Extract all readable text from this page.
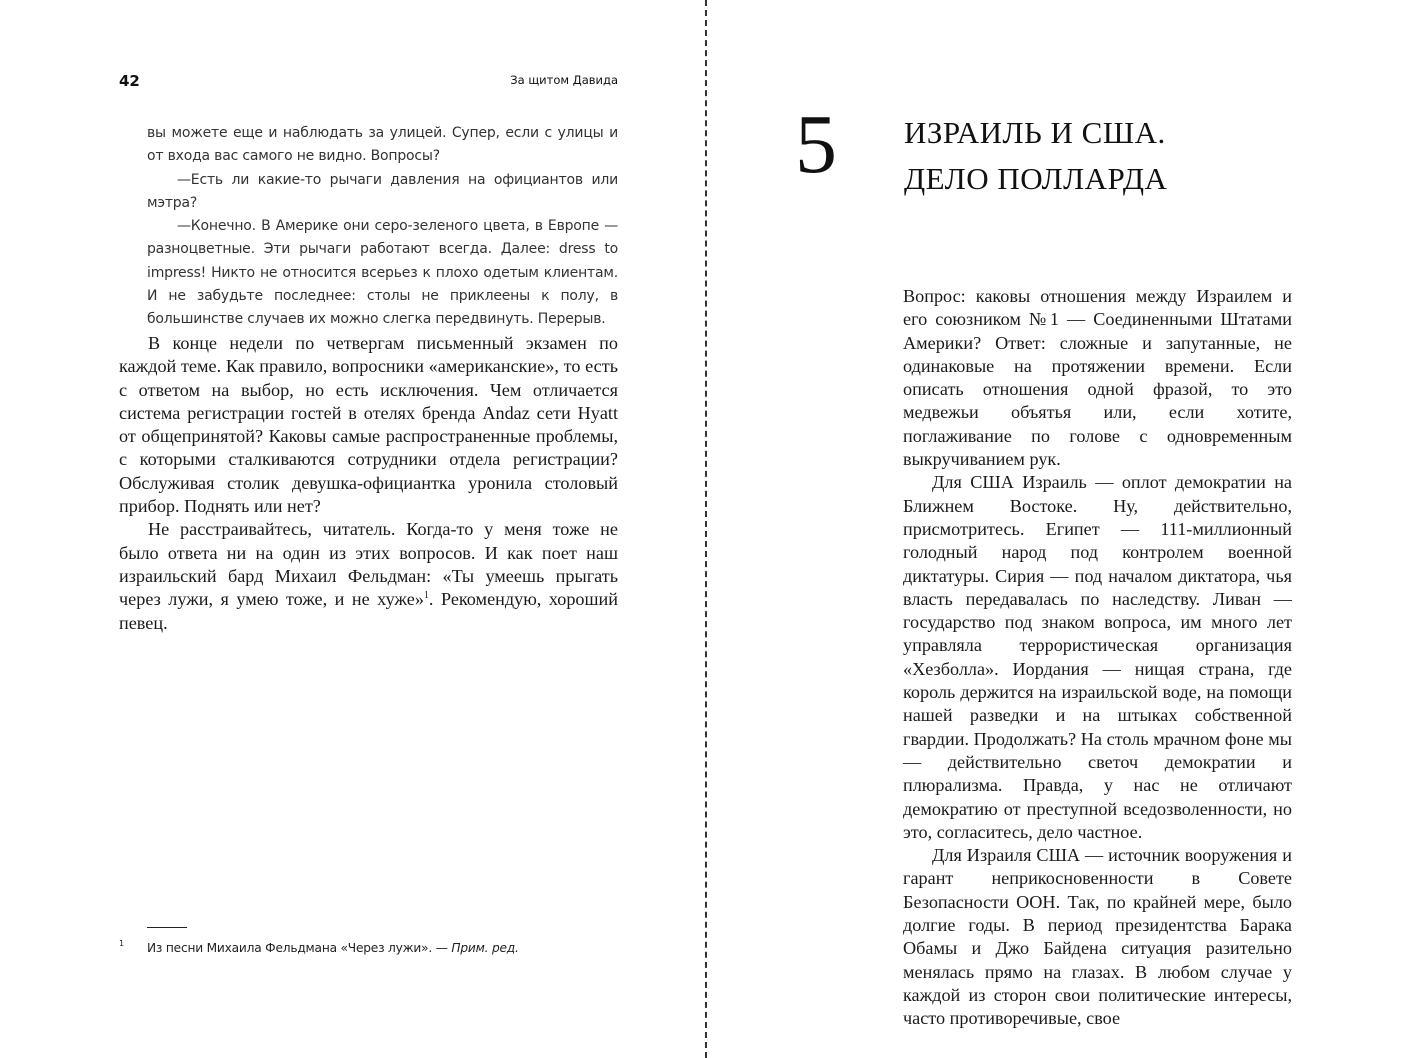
42	За щитом Давида

вы можете еще и наблюдать за улицей. Супер, если с улицы и от входа вас самого не видно. Вопросы?

—Есть ли какие-то рычаги давления на официантов или мэтра?

—Конечно. В Америке они серо-зеленого цвета, в Европе — разноцветные. Эти рычаги работают всегда. Далее: dress to impress! Никто не относится всерьез к плохо одетым клиентам. И не забудьте последнее: столы не приклеены к полу, в большинстве случаев их можно слегка передвинуть. Перерыв.

В конце недели по четвергам письменный экзамен по каждой теме. Как правило, вопросники «американские», то есть с ответом на выбор, но есть исключения. Чем отличается система регистрации гостей в отелях бренда Andaz сети Hyatt от общепринятой? Каковы самые распространенные проблемы, с которыми сталкиваются сотрудники отдела регистрации? Обслуживая столик девушка-официантка уронила столовый прибор. Поднять или нет?

Не расстраивайтесь, читатель. Когда-то у меня тоже не было ответа ни на один из этих вопросов. И как поет наш израильский бард Михаил Фельдман: «Ты умеешь прыгать через лужи, я умею тоже, и не хуже»$^1$. Рекомендую, хороший певец.

1 Из песни Михаила Фельдмана «Через лужи». — Прим. ред.
5 ИЗРАИЛЬ И США.
ДЕЛО ПОЛЛАРДА

Вопрос: каковы отношения между Израилем и его союзником №1 — Соединенными Штатами Америки? Ответ: сложные и запутанные, не одинаковые на протяжении времени. Если описать отношения одной фразой, то это медвежьи объятья или, если хотите, поглаживание по голове с одновременным выкручиванием рук.

Для США Израиль — оплот демократии на Ближнем Востоке. Ну, действительно, присмотритесь. Египет — 111-миллионный голодный народ под контролем военной диктатуры. Сирия — под началом диктатора, чья власть передавалась по наследству. Ливан — государство под знаком вопроса, им много лет управляла террористическая организация «Хезболла». Иордания — нищая страна, где король держится на израильской воде, на помощи нашей разведки и на штыках собственной гвардии. Продолжать? На столь мрачном фоне мы — действительно светоч демократии и плюрализма. Правда, у нас не отличают демократию от преступной вседозволенности, но это, согласитесь, дело частное.

Для Израиля США — источник вооружения и гарант неприкосновенности в Совете Безопасности ООН. Так, по крайней мере, было долгие годы. В период президентства Барака Обамы и Джо Байдена ситуация разительно менялась прямо на глазах. В любом случае у каждой из сторон свои политические интересы, часто противоречивые, свое
